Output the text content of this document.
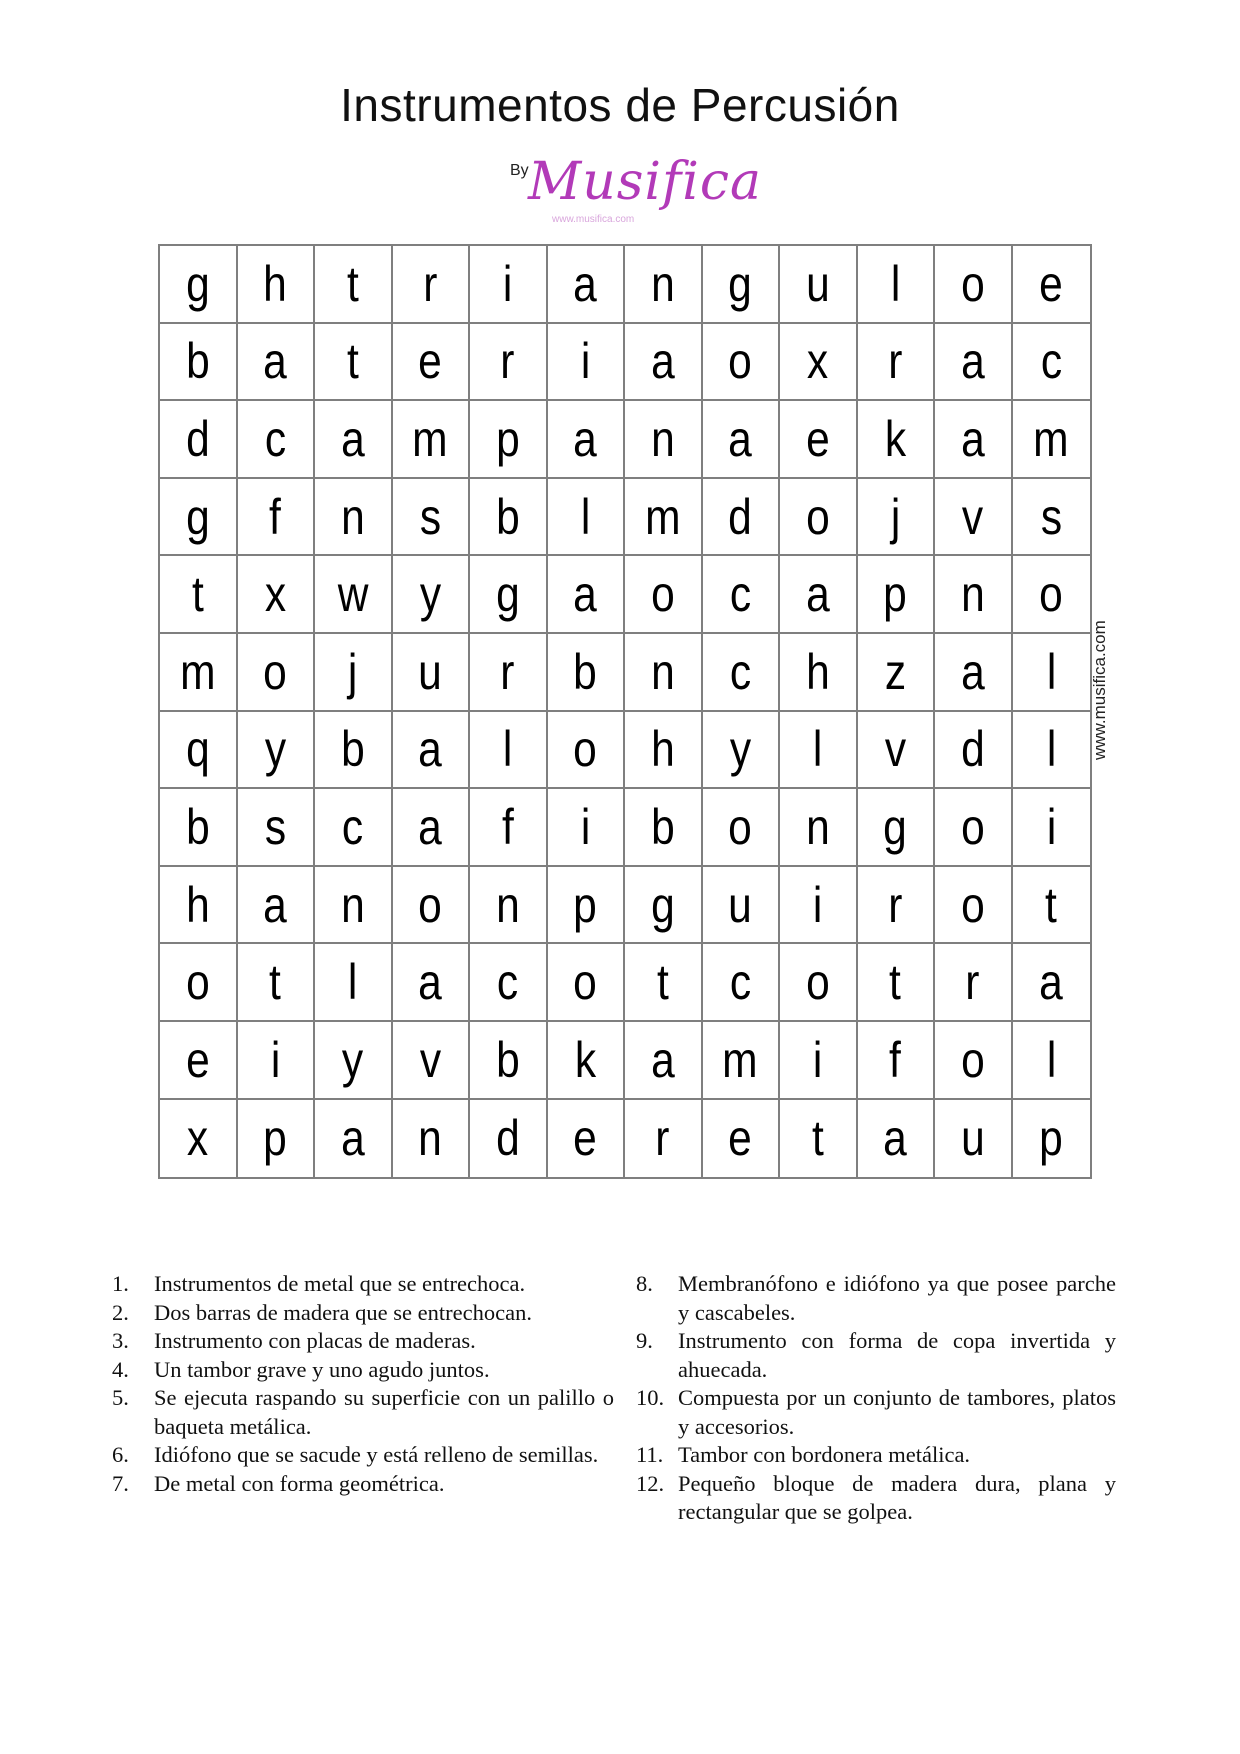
Instrumentos de Percusión
By Musifica
www.musifica.com
g h t r i a n g u l o e
b a t e r i a o x r a c
d c a m p a n a e k a m
g f n s b l m d o j v s
t x w y g a o c a p n o
m o j u r b n c h z a l
q y b a l o h y l v d l
b s c a f i b o n g o i
h a n o n p g u i r o t
o t l a c o t c o t r a
e i y v b k a m i f o l
x p a n d e r e t a u p
www.musifica.com
1.	Instrumentos de metal que se entrechoca.
2.	Dos barras de madera que se entrechocan.
3.	Instrumento con placas de maderas.
4.	Un tambor grave y uno agudo juntos.
5.	Se ejecuta raspando su superficie con un palillo o baqueta metálica.
6.	Idiófono que se sacude y está relleno de semillas.
7.	De metal con forma geométrica.
8.	Membranófono e idiófono ya que posee parche y cascabeles.
9.	Instrumento con forma de copa invertida y ahuecada.
10. Compuesta por un conjunto de tambores, platos y accesorios.
11. Tambor con bordonera metálica.
12. Pequeño bloque de madera dura, plana y rectangular que se golpea.
